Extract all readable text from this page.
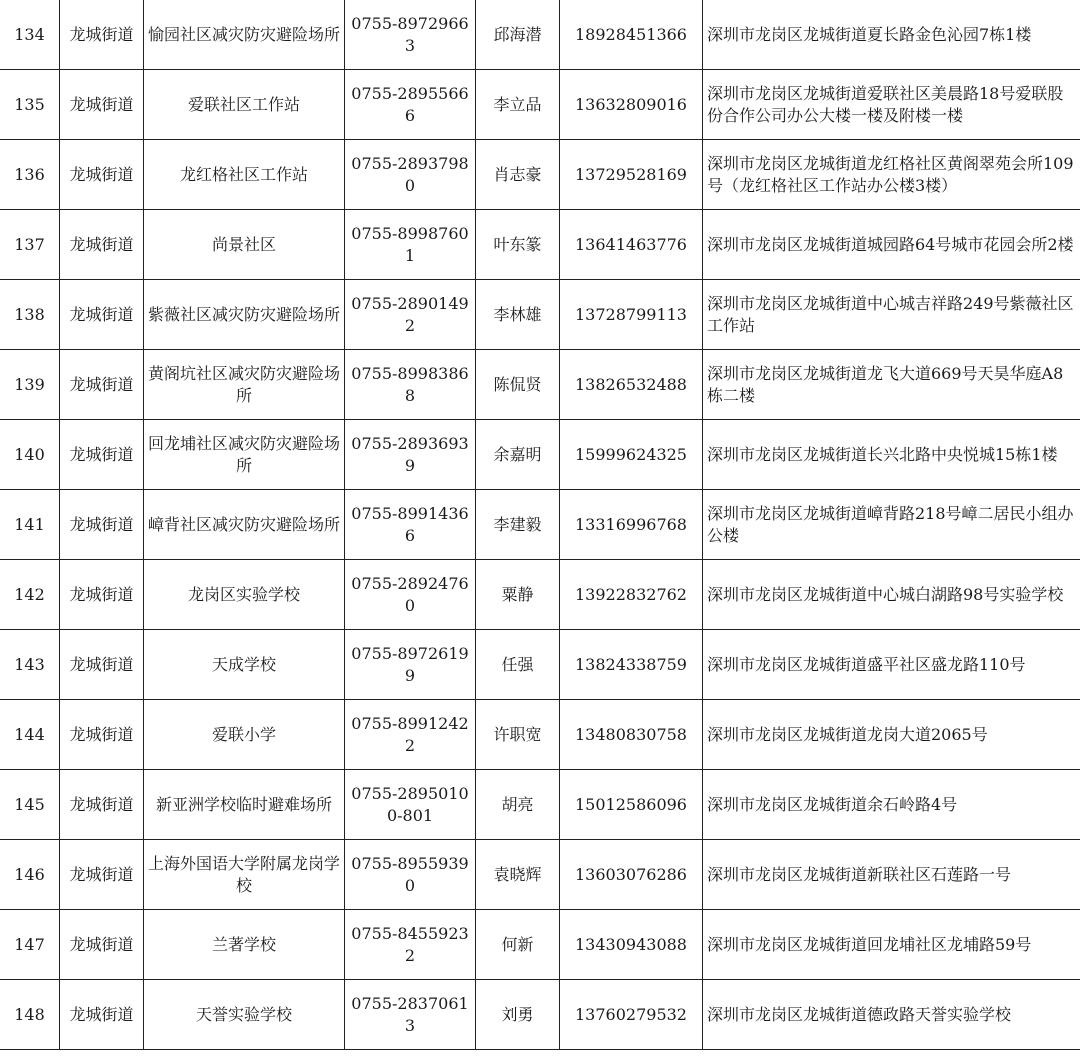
134	龙城街道	愉园社区减灾防灾避险场所	0755-89729663	邱海潜	18928451366	深圳市龙岗区龙城街道夏长路金色沁园7栋1楼
135	龙城街道	爱联社区工作站	0755-28955666	李立品	13632809016	深圳市龙岗区龙城街道爱联社区美晨路18号爱联股份合作公司办公大楼一楼及附楼一楼
136	龙城街道	龙红格社区工作站	0755-28937980	肖志豪	13729528169	深圳市龙岗区龙城街道龙红格社区黄阁翠苑会所109号（龙红格社区工作站办公楼3楼）
137	龙城街道	尚景社区	0755-89987601	叶东篆	13641463776	深圳市龙岗区龙城街道城园路64号城市花园会所2楼
138	龙城街道	紫薇社区减灾防灾避险场所	0755-28901492	李林雄	13728799113	深圳市龙岗区龙城街道中心城吉祥路249号紫薇社区工作站
139	龙城街道	黄阁坑社区减灾防灾避险场所	0755-89983868	陈侃贤	13826532488	深圳市龙岗区龙城街道龙飞大道669号天昊华庭A8栋二楼
140	龙城街道	回龙埔社区减灾防灾避险场所	0755-28936939	余嘉明	15999624325	深圳市龙岗区龙城街道长兴北路中央悦城15栋1楼
141	龙城街道	嶂背社区减灾防灾避险场所	0755-89914366	李建毅	13316996768	深圳市龙岗区龙城街道嶂背路218号嶂二居民小组办公楼
142	龙城街道	龙岗区实验学校	0755-28924760	粟静	13922832762	深圳市龙岗区龙城街道中心城白湖路98号实验学校
143	龙城街道	天成学校	0755-89726199	任强	13824338759	深圳市龙岗区龙城街道盛平社区盛龙路110号
144	龙城街道	爱联小学	0755-89912422	许职宽	13480830758	深圳市龙岗区龙城街道龙岗大道2065号
145	龙城街道	新亚洲学校临时避难场所	0755-28950100-801	胡亮	15012586096	深圳市龙岗区龙城街道余石岭路4号
146	龙城街道	上海外国语大学附属龙岗学校	0755-89559390	袁晓辉	13603076286	深圳市龙岗区龙城街道新联社区石莲路一号
147	龙城街道	兰著学校	0755-84559232	何新	13430943088	深圳市龙岗区龙城街道回龙埔社区龙埔路59号
148	龙城街道	天誉实验学校	0755-28370613	刘勇	13760279532	深圳市龙岗区龙城街道德政路天誉实验学校
